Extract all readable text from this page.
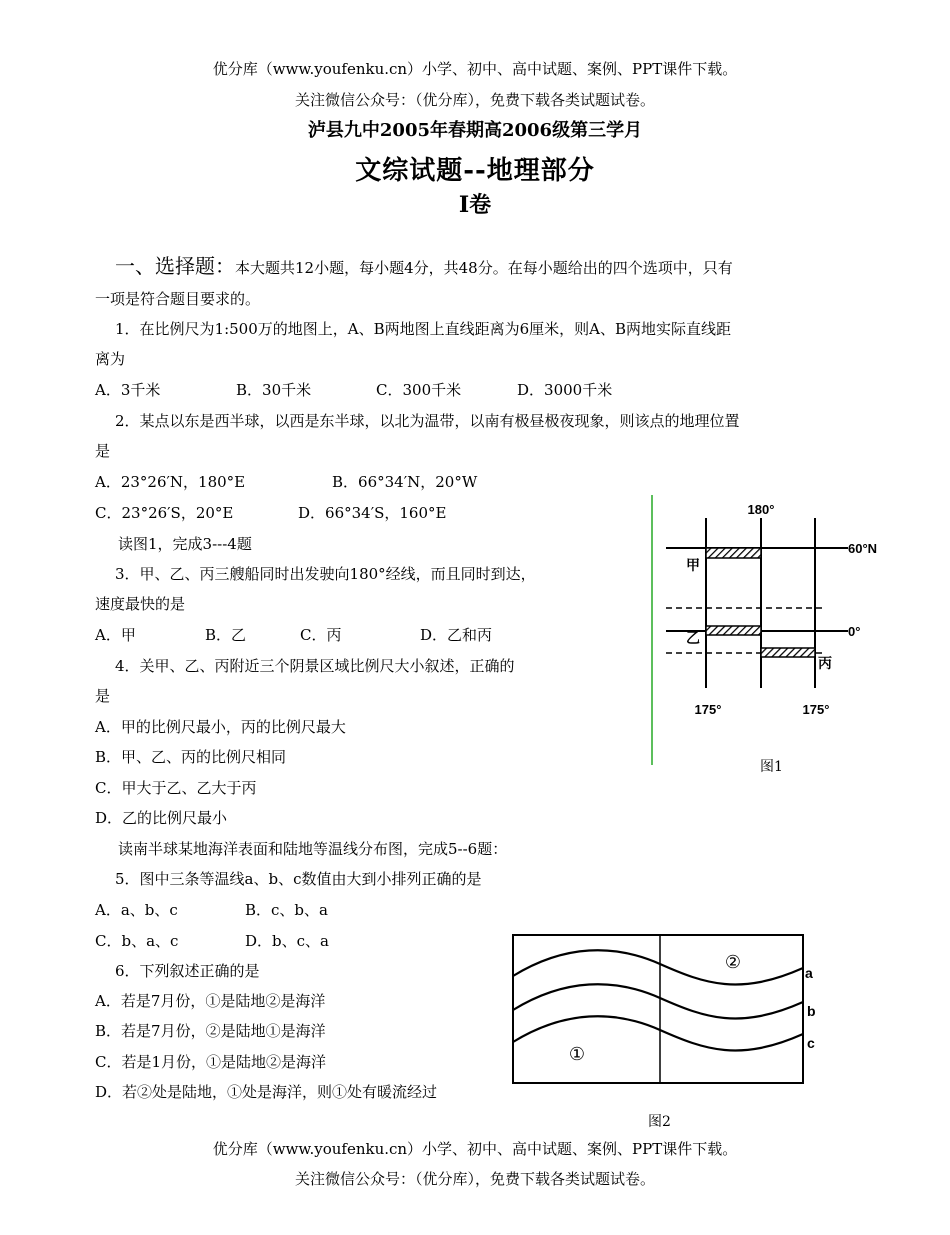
优分库（www.youfenku.cn）小学、初中、高中试题、案例、PPT课件下载。
关注微信公众号：（优分库），免费下载各类试题试卷。
泸县九中2005年春期高2006级第三学月
文综试题--地理部分
I卷
一、选择题：本大题共12小题，每小题4分，共48分。在每小题给出的四个选项中，只有
一项是符合题目要求的。
1．在比例尺为1:500万的地图上，A、B两地图上直线距离为6厘米，则A、B两地实际直线距
离为
A．3千米	B．30千米	C．300千米	D．3000千米
2．某点以东是西半球，以西是东半球，以北为温带，以南有极昼极夜现象，则该点的地理位置
是
A．23°26′N，180°E	B．66°34′N，20°W
C．23°26′S，20°E	D．66°34′S，160°E
读图1，完成3---4题
3．甲、乙、丙三艘船同时出发驶向180°经线，而且同时到达，
速度最快的是
A．甲	B．乙	C．丙	D．乙和丙
4．关甲、乙、丙附近三个阴景区域比例尺大小叙述，正确的
是
A．甲的比例尺最小，丙的比例尺最大
B．甲、乙、丙的比例尺相同
C．甲大于乙、乙大于丙
D．乙的比例尺最小
读南半球某地海洋表面和陆地等温线分布图，完成5--6题：
5．图中三条等温线a、b、c数值由大到小排列正确的是
A．a、b、c	B．c、b、a
C．b、a、c	D．b、c、a
6．下列叙述正确的是
A．若是7月份，①是陆地②是海洋
B．若是7月份，②是陆地①是海洋
C．若是1月份，①是陆地②是海洋
D．若②处是陆地，①处是海洋，则①处有暖流经过
180°
60°N
0°
甲
乙
丙
175°	175°
图1
②
①
a
b
c
图2
优分库（www.youfenku.cn）小学、初中、高中试题、案例、PPT课件下载。
关注微信公众号：（优分库），免费下载各类试题试卷。
